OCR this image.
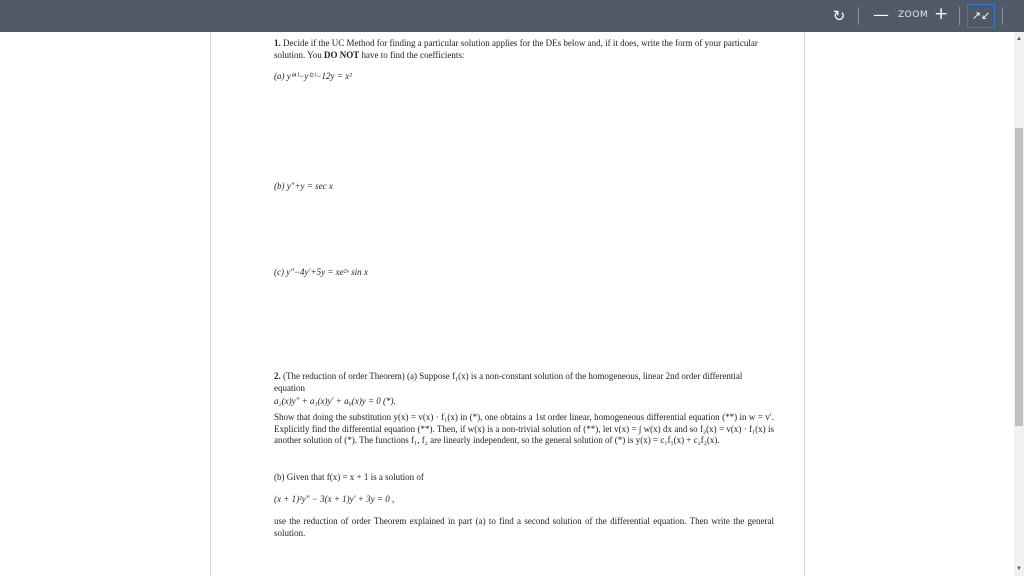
↻ — ZOOM +	↗↙
▲
▼
1. Decide if the UC Method for finding a particular solution applies for the DEs below and, if it does, write the form of your particular solution. You DO NOT have to find the coefficients:
(a) y⁽⁴⁾−y⁽²⁾−12y = x²
(b) y″+y = sec x
(c) y″−4y′+5y = xe²ˣ sin x
2. (The reduction of order Theorem) (a) Suppose f₁(x) is a non-constant solution of the homogeneous, linear 2nd order differential equation
a₂(x)y″ + a₁(x)y′ + a₀(x)y = 0 (*).
Show that doing the substitution y(x) = v(x) · f₁(x) in (*), one obtains a 1st order linear, homogeneous differential equation (**) in w = v′. Explicitly find the differential equation (**). Then, if w(x) is a non-trivial solution of (**), let v(x) = ∫ w(x) dx and so f₂(x) = v(x) · f₁(x) is another solution of (*). The functions f₁, f₂ are linearly independent, so the general solution of (*) is y(x) = c₁f₁(x) + c₂f₂(x).
(b) Given that f(x) = x + 1 is a solution of
(x + 1)²y″ − 3(x + 1)y′ + 3y = 0 ,
use the reduction of order Theorem explained in part (a) to find a second solution of the differential equation. Then write the general solution.
